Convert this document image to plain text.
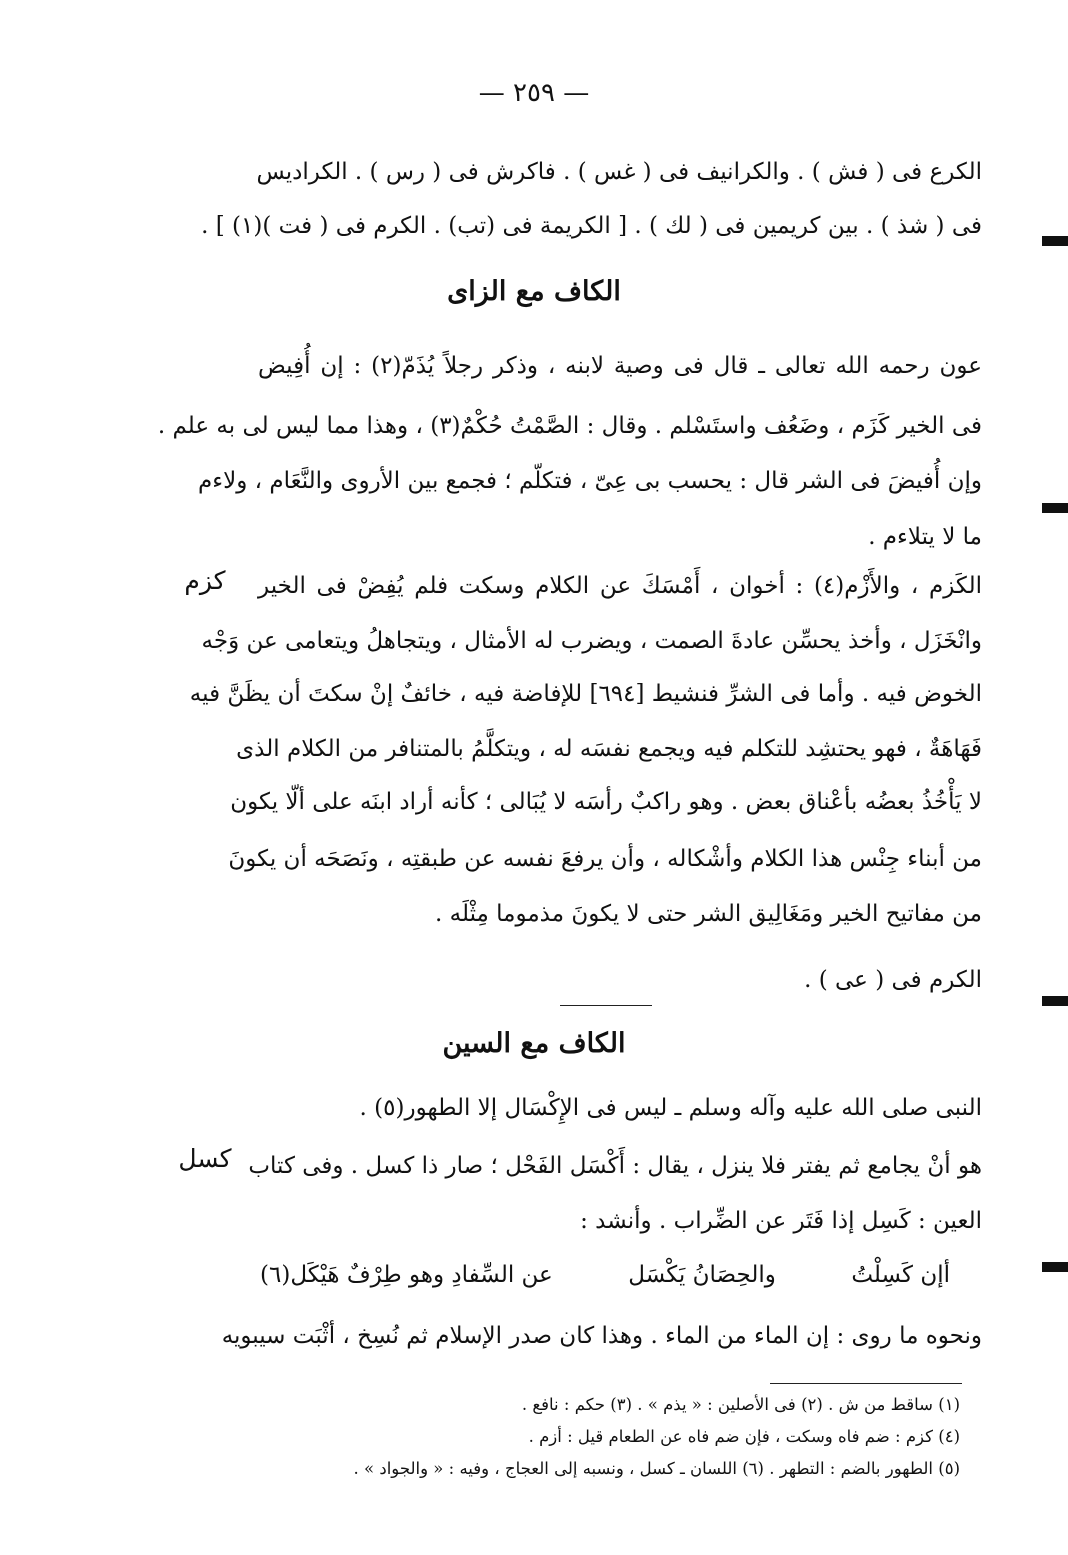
— ٢٥٩ —
الكرع فى ( فش ) . والكرانيف فى ( غس ) . فاكرش فى ( رس ) . الكراديس
فى ( شذ ) . بين كريمين فى ( لك ) . [ الكريمة فى (تب) . الكرم فى ( فت )(١) ] .
الكاف مع الزاى
عون رحمه الله تعالى ـ قال فى وصية لابنه ، وذكر رجلاً يُذَمّ(٢) : إن أُفِيض
فى الخير كَزَم ، وضَعُف واستَسْلم . وقال : الصَّمْتُ حُكْمٌ(٣) ، وهذا مما ليس لى به علم .
وإن أُفيضَ فى الشر قال : يحسب بى عِىّ ، فتكلّم ؛ فجمع بين الأروى والنَّعَام ، ولاءم
ما لا يتلاءم .
كزم	الكَزم ، والأَزْم(٤) : أخوان ، أَمْسَكَ عن الكلام وسكت فلم يُفِضْ فى الخير
وانْخَزَل ، وأخذ يحسِّن عادةَ الصمت ، ويضرب له الأمثال ، ويتجاهلُ ويتعامى عن وَجْه
الخوض فيه . وأما فى الشرِّ فنشيط [٦٩٤] للإفاضة فيه ، خائفٌ إنْ سكتَ أن يظَنَّ فيه
فَهَاهَةٌ ، فهو يحتشِد للتكلم فيه ويجمع نفسَه له ، ويتكلَّمُ بالمتنافر من الكلام الذى
لا يَأْخُذُ بعضُه بأعْناق بعض . وهو راكبٌ رأسَه لا يُبَالى ؛ كأنه أراد ابنَه على ألّا يكون
من أبناء جِنْس هذا الكلام وأشْكاله ، وأن يرفعَ نفسه عن طبقتِه ، ونَصَحَه أن يكونَ
من مفاتيح الخير ومَغَالِيق الشر حتى لا يكونَ مذموما مِثْلَه .
الكرم فى ( عى ) .
الكاف مع السين
النبى صلى الله عليه وآله وسلم ـ ليس فى الإِكْسَال إلا الطهور(٥) .
كسل هو أنْ يجامع ثم يفتر فلا ينزل ، يقال : أَكْسَل الفَحْل ؛ صار ذا كسل . وفى كتاب
العين : كَسِل إذا فَتَر عن الضِّراب . وأنشد :
أإن كَسِلْتُ
والحِصَانُ يَكْسَل
عن السِّفادِ وهو طِرْفٌ هَيْكَل(٦)
ونحوه ما روى : إن الماء من الماء . وهذا كان صدر الإسلام ثم نُسِخ ، أثْبَت سيبويه
(١) ساقط من ش . (٢) فى الأصلين : « يذم » . (٣) حكم : نافع .
(٤) كزم : ضم فاه وسكت ، فإن ضم فاه عن الطعام قيل : أزم .
(٥) الطهور بالضم : التطهر . (٦) اللسان ـ كسل ، ونسبه إلى العجاج ، وفيه : « والجواد » .
